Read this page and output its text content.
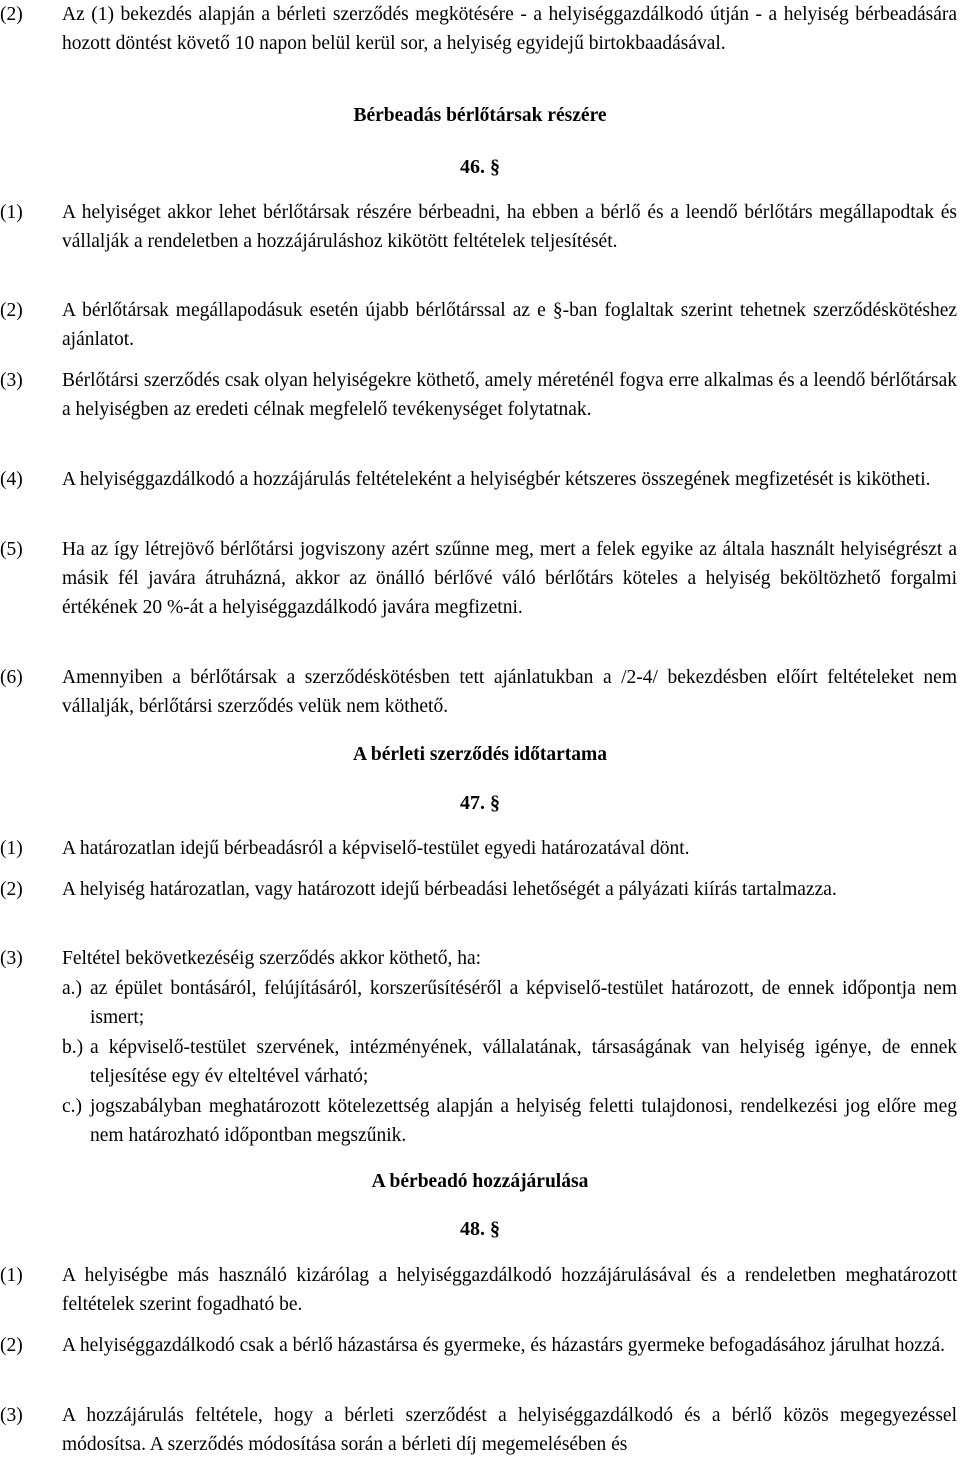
(2)	Az (1) bekezdés alapján a bérleti szerződés megkötésére - a helyiséggazdálkodó útján - a helyiség bérbeadására hozott döntést követő 10 napon belül kerül sor, a helyiség egyidejű birtokbaadásával.
Bérbeadás bérlőtársak részére
46. §
(1)	A helyiséget akkor lehet bérlőtársak részére bérbeadni, ha ebben a bérlő és a leendő bérlőtárs megállapodtak és vállalják a rendeletben a hozzájáruláshoz kikötött feltételek teljesítését.
(2)	A bérlőtársak megállapodásuk esetén újabb bérlőtárssal az e §-ban foglaltak szerint tehetnek szerződéskötéshez ajánlatot.
(3)	Bérlőtársi szerződés csak olyan helyiségekre köthető, amely méreténél fogva erre alkalmas és a leendő bérlőtársak a helyiségben az eredeti célnak megfelelő tevékenységet folytatnak.
(4)	A helyiséggazdálkodó a hozzájárulás feltételeként a helyiségbér kétszeres összegének megfizetését is kikötheti.
(5)	Ha az így létrejövő bérlőtársi jogviszony azért szűnne meg, mert a felek egyike az általa használt helyiségrészt a másik fél javára átruházná, akkor az önálló bérlővé váló bérlőtárs köteles a helyiség beköltözhető forgalmi értékének 20 %-át a helyiséggazdálkodó javára megfizetni.
(6)	Amennyiben a bérlőtársak a szerződéskötésben tett ajánlatukban a /2-4/ bekezdésben előírt feltételeket nem vállalják, bérlőtársi szerződés velük nem köthető.
A bérleti szerződés időtartama
47. §
(1)	A határozatlan idejű bérbeadásról a képviselő-testület egyedi határozatával dönt.
(2)	A helyiség határozatlan, vagy határozott idejű bérbeadási lehetőségét a pályázati kiírás tartalmazza.
(3)	Feltétel bekövetkezéséig szerződés akkor köthető, ha:
a.) az épület bontásáról, felújításáról, korszerűsítéséről a képviselő-testület határozott, de ennek időpontja nem ismert;
b.) a képviselő-testület szervének, intézményének, vállalatának, társaságának van helyiség igénye, de ennek teljesítése egy év elteltével várható;
c.) jogszabályban meghatározott kötelezettség alapján a helyiség feletti tulajdonosi, rendelkezési jog előre meg nem határozható időpontban megszűnik.
A bérbeadó hozzájárulása
48. §
(1)	A helyiségbe más használó kizárólag a helyiséggazdálkodó hozzájárulásával és a rendeletben meghatározott feltételek szerint fogadható be.
(2)	A helyiséggazdálkodó csak a bérlő házastársa és gyermeke, és házastárs gyermeke befogadásához járulhat hozzá.
(3)	A hozzájárulás feltétele, hogy a bérleti szerződést a helyiséggazdálkodó és a bérlő közös megegyezéssel módosítsa. A szerződés módosítása során a bérleti díj megemelésében és
